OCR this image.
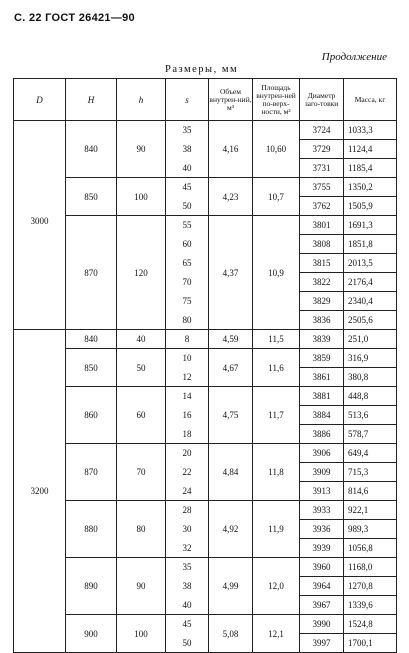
С. 22 ГОСТ 26421—90
Продолжение
Размеры, мм
D	H	h	s	Объем внутрен-ний, м³	Площадь внутрен-ней по-верх-ности, м²	Диаметр заго-товки	Масса, кг
3000	840	90	35	4,16	10,60	3724	1033,3
			38			3729	1124,4
			40			3731	1185,4
	850	100	45	4,23	10,7	3755	1350,2
			50			3762	1505,9
	870	120	55	4,37	10,9	3801	1691,3
			60			3808	1851,8
			65			3815	2013,5
			70			3822	2176,4
			75			3829	2340,4
			80			3836	2505,6
3200	840	40	8	4,59	11,5	3839	251,0
	850	50	10	4,67	11,6	3859	316,9
			12			3861	380,8
	860	60	14	4,75	11,7	3881	448,8
			16			3884	513,6
			18			3886	578,7
	870	70	20	4,84	11,8	3906	649,4
			22			3909	715,3
			24			3913	814,6
	880	80	28	4,92	11,9	3933	922,1
			30			3936	989,3
			32			3939	1056,8
	890	90	35	4,99	12,0	3960	1168,0
			38			3964	1270,8
			40			3967	1339,6
	900	100	45	5,08	12,1	3990	1524,8
			50			3997	1700,1
